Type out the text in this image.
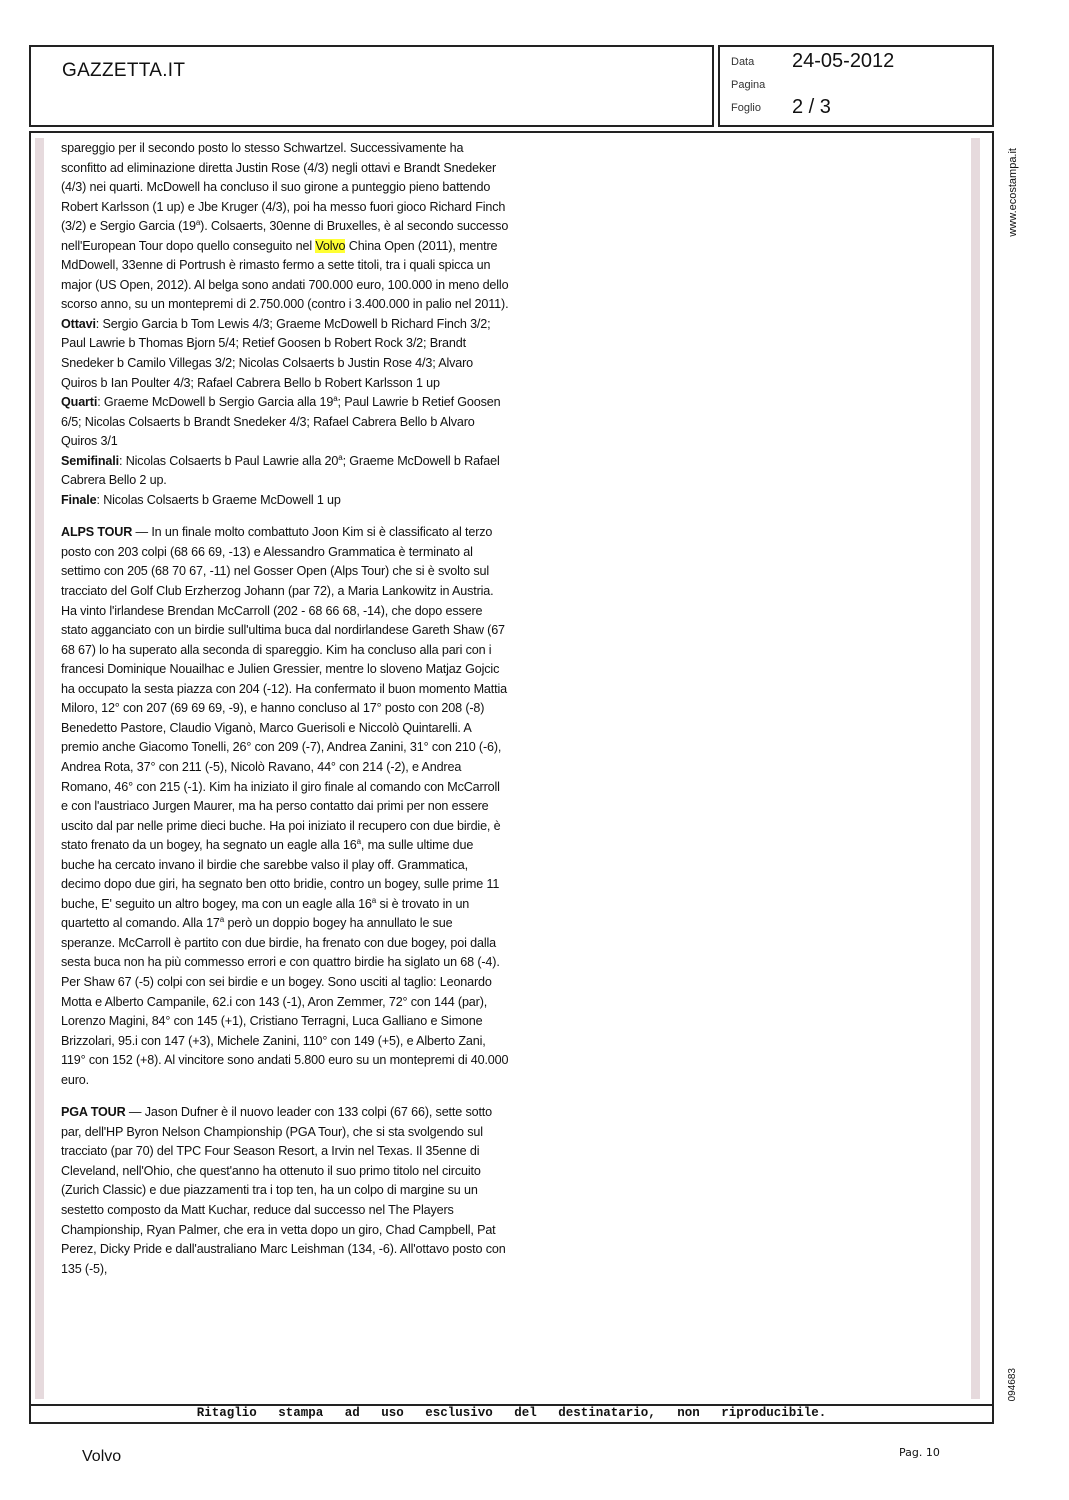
GAZZETTA.IT	Data 24-05-2012
Pagina
Foglio 2 / 3

spareggio per il secondo posto lo stesso Schwartzel. Successivamente ha sconfitto ad eliminazione diretta Justin Rose (4/3) negli ottavi e Brandt Snedeker (4/3) nei quarti. McDowell ha concluso il suo girone a punteggio pieno battendo Robert Karlsson (1 up) e Jbe Kruger (4/3), poi ha messo fuori gioco Richard Finch (3/2) e Sergio Garcia (19$^a$). Colsaerts, 30enne di Bruxelles, è al secondo successo nell'European Tour dopo quello conseguito nel Volvo China Open (2011), mentre MdDowell, 33enne di Portrush è rimasto fermo a sette titoli, tra i quali spicca un major (US Open, 2012). Al belga sono andati 700.000 euro, 100.000 in meno dello scorso anno, su un montepremi di 2.750.000 (contro i 3.400.000 in palio nel 2011).

Ottavi: Sergio Garcia b Tom Lewis 4/3; Graeme McDowell b Richard Finch 3/2; Paul Lawrie b Thomas Bjorn 5/4; Retief Goosen b Robert Rock 3/2; Brandt Snedeker b Camilo Villegas 3/2; Nicolas Colsaerts b Justin Rose 4/3; Alvaro Quiros b Ian Poulter 4/3; Rafael Cabrera Bello b Robert Karlsson 1 up

Quarti: Graeme McDowell b Sergio Garcia alla 19$^a$; Paul Lawrie b Retief Goosen 6/5; Nicolas Colsaerts b Brandt Snedeker 4/3; Rafael Cabrera Bello b Alvaro Quiros 3/1

Semifinali: Nicolas Colsaerts b Paul Lawrie alla 20$^a$; Graeme McDowell b Rafael Cabrera Bello 2 up.

Finale: Nicolas Colsaerts b Graeme McDowell 1 up

ALPS TOUR — In un finale molto combattuto Joon Kim si è classificato al terzo posto con 203 colpi (68 66 69, -13) e Alessandro Grammatica è terminato al settimo con 205 (68 70 67, -11) nel Gosser Open (Alps Tour) che si è svolto sul tracciato del Golf Club Erzherzog Johann (par 72), a Maria Lankowitz in Austria. Ha vinto l'irlandese Brendan McCarroll (202 - 68 66 68, -14), che dopo essere stato agganciato con un birdie sull'ultima buca dal nordirlandese Gareth Shaw (67 68 67) lo ha superato alla seconda di spareggio. Kim ha concluso alla pari con i francesi Dominique Nouailhac e Julien Gressier, mentre lo sloveno Matjaz Gojcic ha occupato la sesta piazza con 204 (-12). Ha confermato il buon momento Mattia Miloro, 12° con 207 (69 69 69, -9), e hanno concluso al 17° posto con 208 (-8) Benedetto Pastore, Claudio Viganò, Marco Guerisoli e Niccolò Quintarelli. A premio anche Giacomo Tonelli, 26° con 209 (-7), Andrea Zanini, 31° con 210 (-6), Andrea Rota, 37° con 211 (-5), Nicolò Ravano, 44° con 214 (-2), e Andrea Romano, 46° con 215 (-1). Kim ha iniziato il giro finale al comando con McCarroll e con l'austriaco Jurgen Maurer, ma ha perso contatto dai primi per non essere uscito dal par nelle prime dieci buche. Ha poi iniziato il recupero con due birdie, è stato frenato da un bogey, ha segnato un eagle alla 16$^a$, ma sulle ultime due buche ha cercato invano il birdie che sarebbe valso il play off. Grammatica, decimo dopo due giri, ha segnato ben otto bridie, contro un bogey, sulle prime 11 buche, E' seguito un altro bogey, ma con un eagle alla 16$^a$ si è trovato in un quartetto al comando. Alla 17$^a$ però un doppio bogey ha annullato le sue speranze. McCarroll è partito con due birdie, ha frenato con due bogey, poi dalla sesta buca non ha più commesso errori e con quattro birdie ha siglato un 68 (-4). Per Shaw 67 (-5) colpi con sei birdie e un bogey. Sono usciti al taglio: Leonardo Motta e Alberto Campanile, 62.i con 143 (-1), Aron Zemmer, 72° con 144 (par), Lorenzo Magini, 84° con 145 (+1), Cristiano Terragni, Luca Galliano e Simone Brizzolari, 95.i con 147 (+3), Michele Zanini, 110° con 149 (+5), e Alberto Zani, 119° con 152 (+8). Al vincitore sono andati 5.800 euro su un montepremi di 40.000 euro.

PGA TOUR — Jason Dufner è il nuovo leader con 133 colpi (67 66), sette sotto par, dell'HP Byron Nelson Championship (PGA Tour), che si sta svolgendo sul tracciato (par 70) del TPC Four Season Resort, a Irvin nel Texas. Il 35enne di Cleveland, nell'Ohio, che quest'anno ha ottenuto il suo primo titolo nel circuito (Zurich Classic) e due piazzamenti tra i top ten, ha un colpo di margine su un sestetto composto da Matt Kuchar, reduce dal successo nel The Players Championship, Ryan Palmer, che era in vetta dopo un giro, Chad Campbell, Pat Perez, Dicky Pride e dall'australiano Marc Leishman (134, -6). All'ottavo posto con 135 (-5),

Ritaglio stampa ad uso esclusivo del destinatario, non riproducibile.
www.ecostampa.it
094683
Volvo	Pag. 10
